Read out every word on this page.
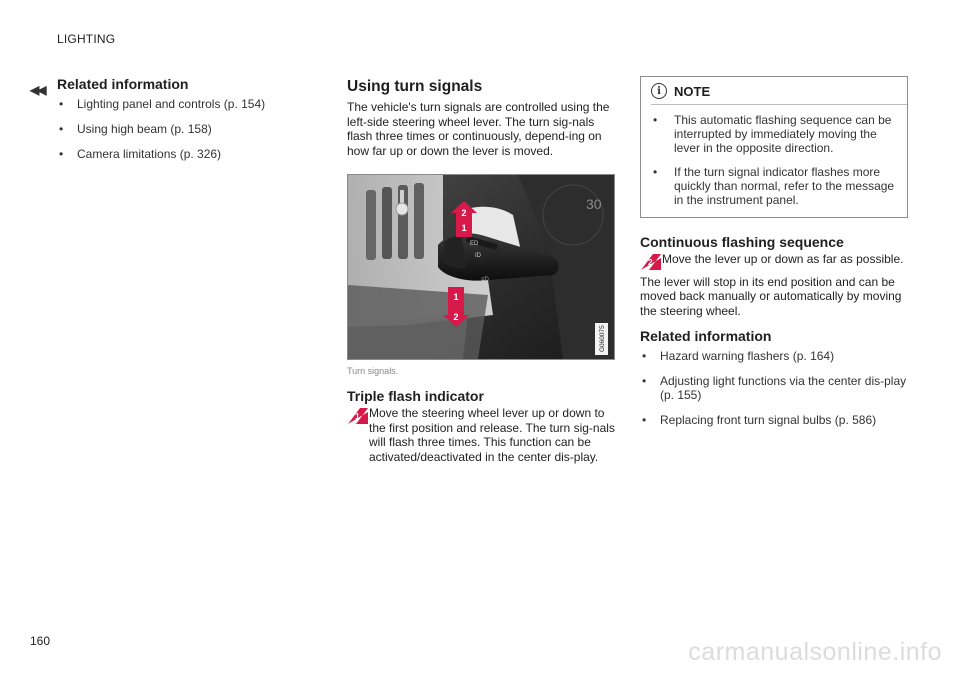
LIGHTING
◀◀ Related information
• Lighting panel and controls (p. 154)
• Using high beam (p. 158)
• Camera limitations (p. 326)
Using turn signals

The vehicle's turn signals are controlled using the left-side steering wheel lever. The turn sig-nals flash three times or continuously, depend-ing on how far up or down the lever is moved.

30
ED
ID
≡D
2
1
1
2
G060075
Turn signals.
Triple flash indicator
1 Move the steering wheel lever up or down to the first position and release. The turn sig-nals will flash three times. This function can be activated/deactivated in the center dis-play.
i	NOTE
• This automatic flashing sequence can be interrupted by immediately moving the lever in the opposite direction.
• If the turn signal indicator flashes more quickly than normal, refer to the message in the instrument panel.
Continuous flashing sequence
2 Move the lever up or down as far as possible.

The lever will stop in its end position and can be moved back manually or automatically by moving the steering wheel.

Related information
• Hazard warning flashers (p. 164)
• Adjusting light functions via the center dis-play (p. 155)
• Replacing front turn signal bulbs (p. 586)
160	carmanualsonline.info
